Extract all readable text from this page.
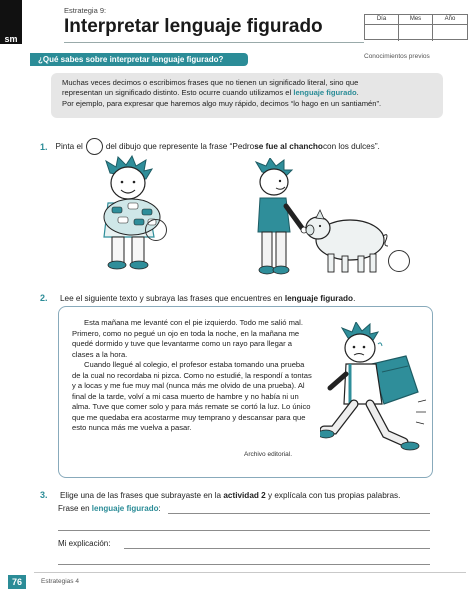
sm
Estrategia 9:
Interpretar lenguaje figurado	Día	Mes	Año
Conocimientos previos
¿Qué sabes sobre interpretar lenguaje figurado?
Muchas veces decimos o escribimos frases que no tienen un significado literal, sino que
representan un significado distinto. Esto ocurre cuando utilizamos el lenguaje figurado.
Por ejemplo, para expresar que haremos algo muy rápido, decimos “lo hago en un santiamén”.
1. Pinta el	del dibujo que represente la frase “Pedro se fue al chancho con los dulces”.
2. Lee el siguiente texto y subraya las frases que encuentres en lenguaje figurado.

Esta mañana me levanté con el pie izquierdo. Todo me salió mal. Primero, como no pegué un ojo en toda la noche, en la mañana me quedé dormido y tuve que levantarme como un rayo para llegar a clases a la hora.

Cuando llegué al colegio, el profesor estaba tomando una prueba de la cual no recordaba ni pizca. Como no estudié, la respondí a tontas y a locas y me fue muy mal (nunca más me olvido de una prueba). Al final de la tarde, volví a mi casa muerto de hambre y no había ni un alma. Tuve que comer solo y para más remate se cortó la luz. Lo único que me quedaba era acostarme muy temprano y descansar para que esto nunca más me vuelva a pasar.

Archivo editorial.
3. Elige una de las frases que subrayaste en la actividad 2 y explícala con tus propias palabras.
Frase en lenguaje figurado:
Mi explicación:
76	Estrategias 4
